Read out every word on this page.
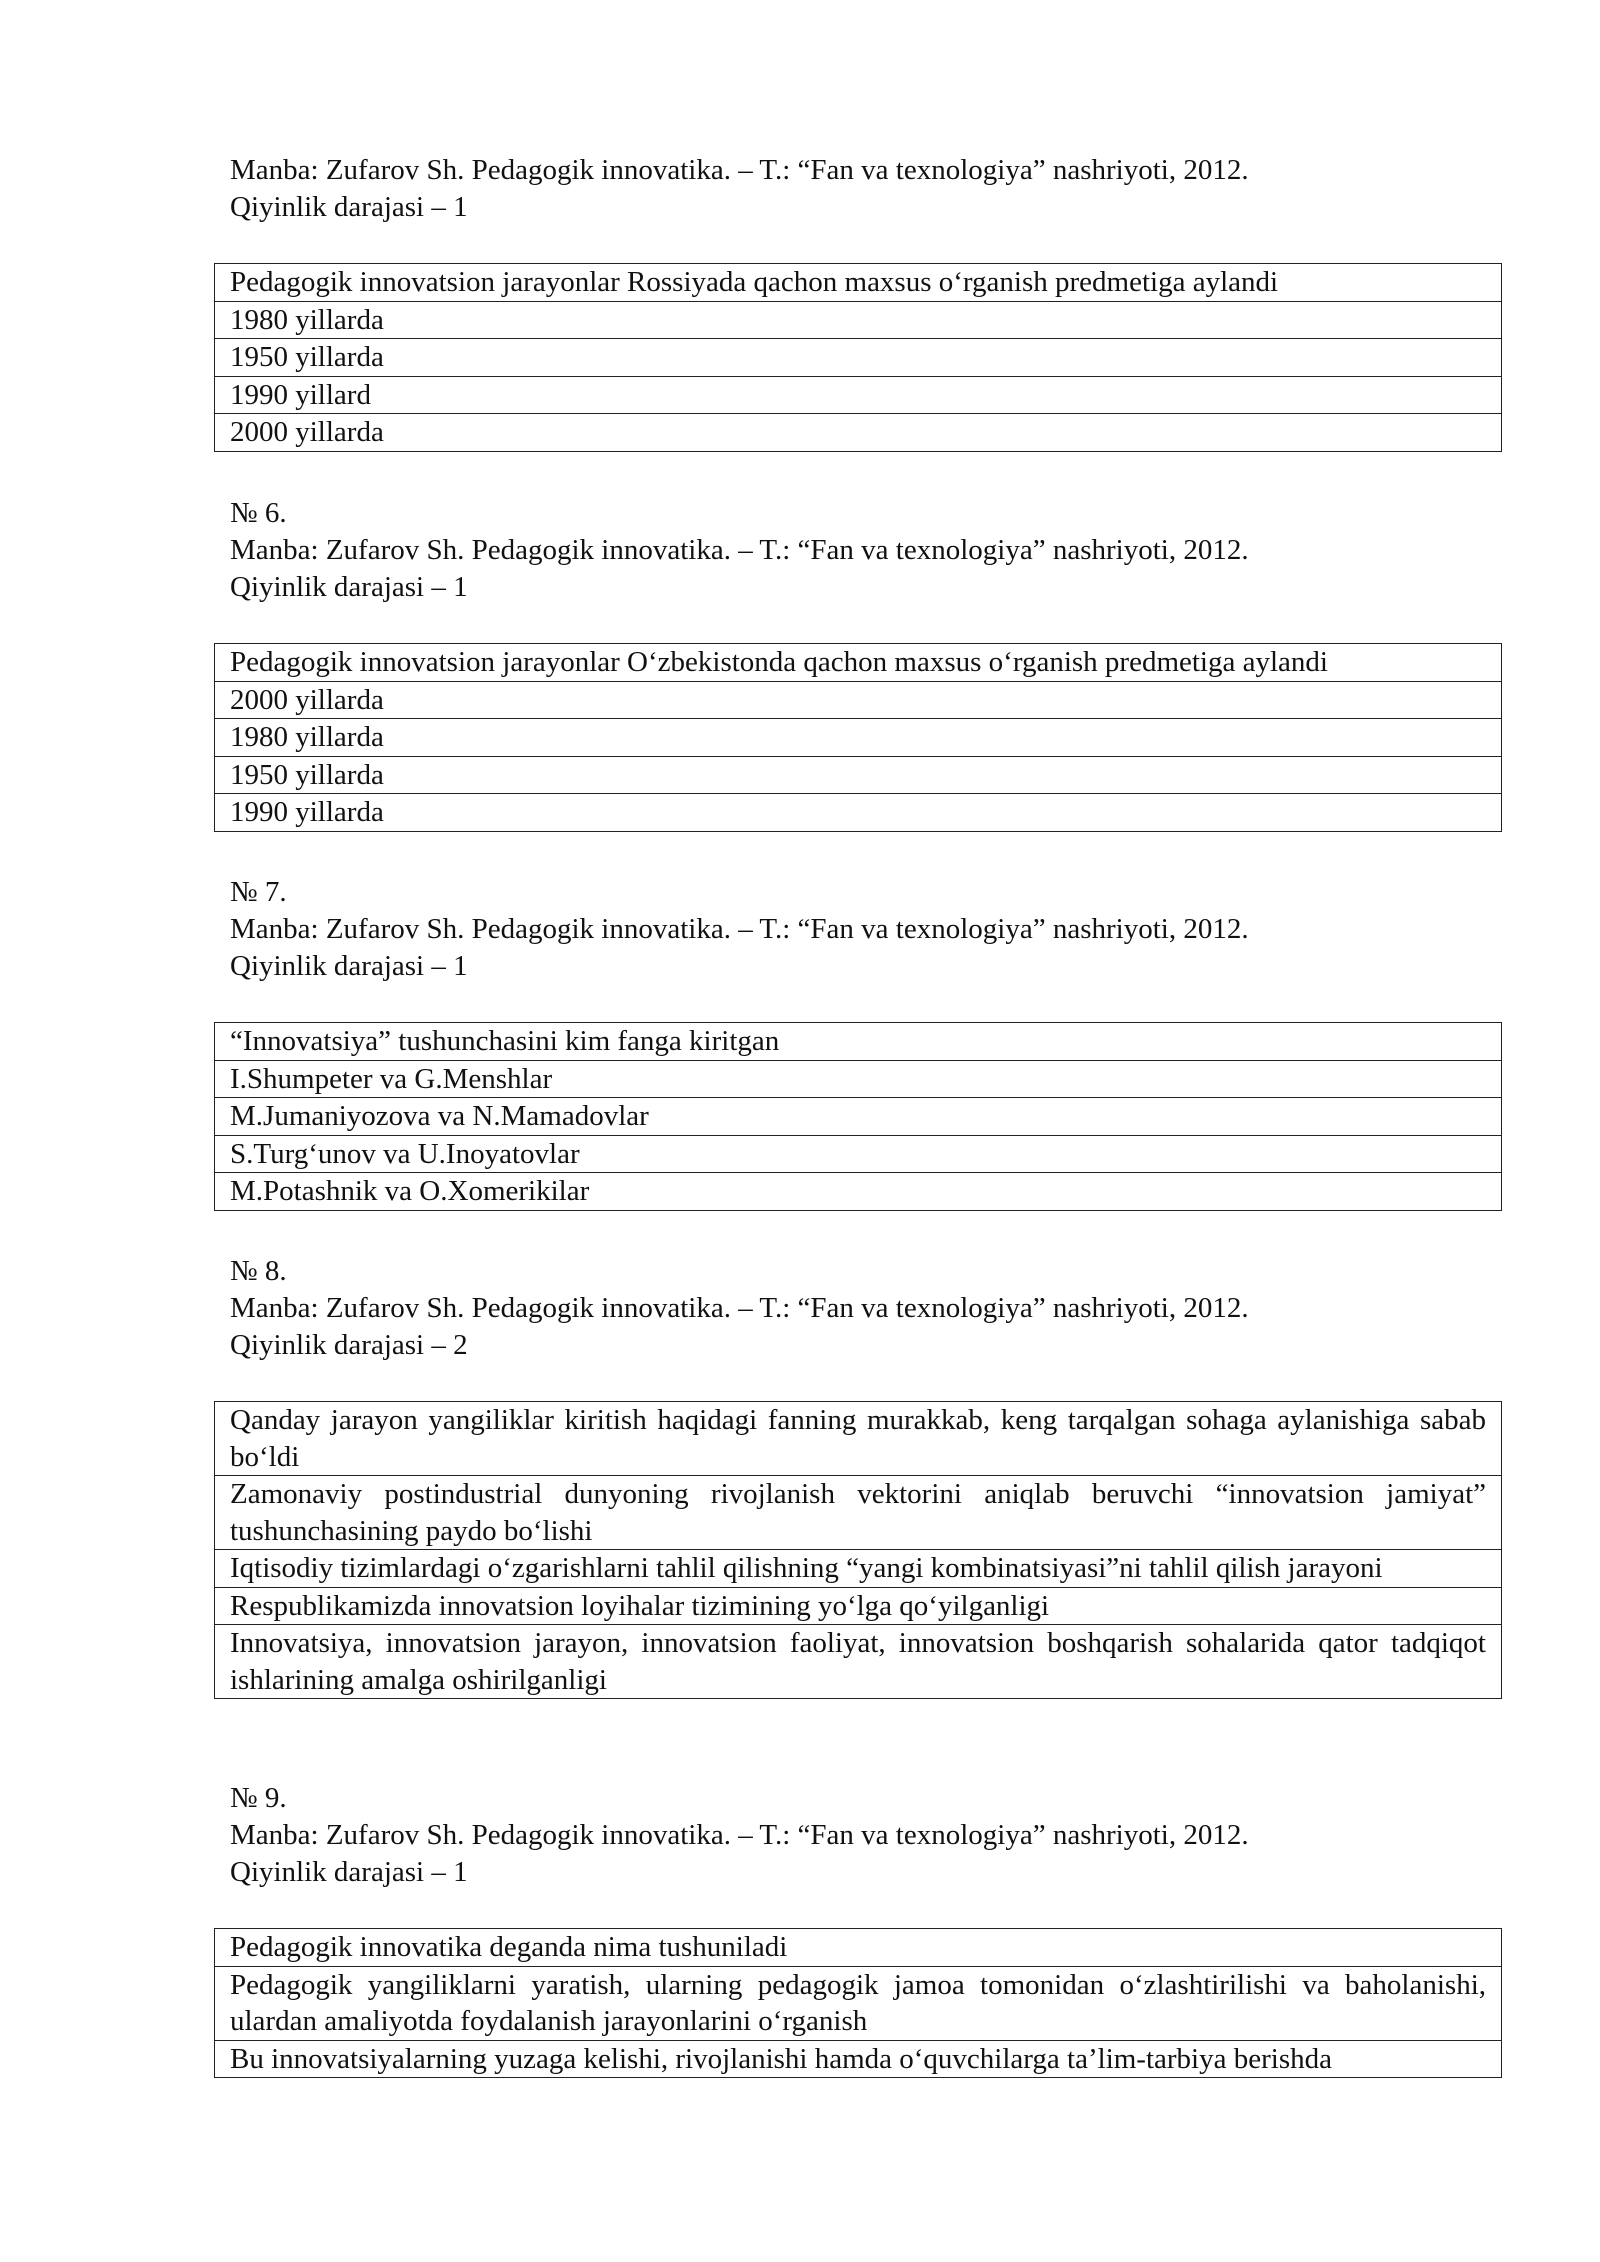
Manba: Zufarov Sh. Pedagogik innovatika. – T.: “Fan va texnologiya” nashriyoti, 2012.
Qiyinlik darajasi – 1
Pedagogik innovatsion jarayonlar Rossiyada qachon maxsus o‘rganish predmetiga aylandi
1980 yillarda
1950 yillarda
1990 yillard
2000 yillarda
№ 6.
Manba: Zufarov Sh. Pedagogik innovatika. – T.: “Fan va texnologiya” nashriyoti, 2012.
Qiyinlik darajasi – 1
Pedagogik innovatsion jarayonlar O‘zbekistonda qachon maxsus o‘rganish predmetiga aylandi
2000 yillarda
1980 yillarda
1950 yillarda
1990 yillarda
№ 7.
Manba: Zufarov Sh. Pedagogik innovatika. – T.: “Fan va texnologiya” nashriyoti, 2012.
Qiyinlik darajasi – 1
“Innovatsiya” tushunchasini kim fanga kiritgan
I.Shumpeter va G.Menshlar
M.Jumaniyozova va N.Mamadovlar
S.Turg‘unov va U.Inoyatovlar
M.Potashnik va O.Xomerikilar
№ 8.
Manba: Zufarov Sh. Pedagogik innovatika. – T.: “Fan va texnologiya” nashriyoti, 2012.
Qiyinlik darajasi – 2
Qanday jarayon yangiliklar kiritish haqidagi fanning murakkab, keng tarqalgan sohaga aylanishiga sabab bo‘ldi
Zamonaviy postindustrial dunyoning rivojlanish vektorini aniqlab beruvchi “innovatsion jamiyat” tushunchasining paydo bo‘lishi
Iqtisodiy tizimlardagi o‘zgarishlarni tahlil qilishning “yangi kombinatsiyasi”ni tahlil qilish jarayoni
Respublikamizda innovatsion loyihalar tizimining yo‘lga qo‘yilganligi
Innovatsiya, innovatsion jarayon, innovatsion faoliyat, innovatsion boshqarish sohalarida qator tadqiqot ishlarining amalga oshirilganligi
№ 9.
Manba: Zufarov Sh. Pedagogik innovatika. – T.: “Fan va texnologiya” nashriyoti, 2012.
Qiyinlik darajasi – 1
Pedagogik innovatika deganda nima tushuniladi
Pedagogik yangiliklarni yaratish, ularning pedagogik jamoa tomonidan o‘zlashtirilishi va baholanishi, ulardan amaliyotda foydalanish jarayonlarini o‘rganish

Bu innovatsiyalarning yuzaga kelishi, rivojlanishi hamda o‘quvchilarga ta’lim-tarbiya berishda
